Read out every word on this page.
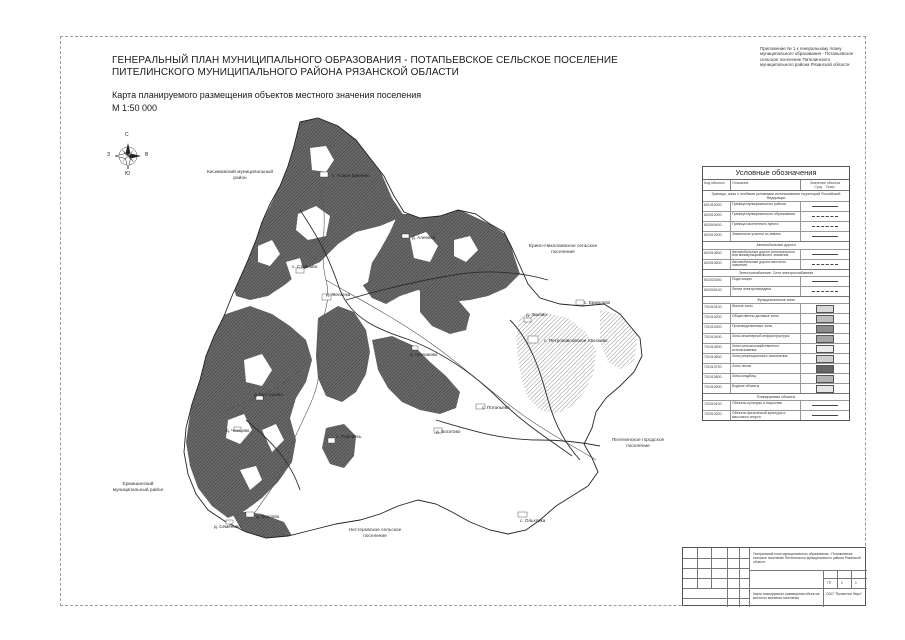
ГЕНЕРАЛЬНЫЙ ПЛАН МУНИЦИПАЛЬНОГО ОБРАЗОВАНИЯ - ПОТАПЬЕВСКОЕ СЕЛЬСКОЕ ПОСЕЛЕНИЕ
ПИТЕЛИНСКОГО МУНИЦИПАЛЬНОГО РАЙОНА РЯЗАНСКОЙ ОБЛАСТИ
Карта планируемого размещения объектов местного значения поселения
М 1:50 000
Приложение № 1 к генеральному плану муниципального образования - Потапьевское сельское поселение Пителинского муниципального района Рязанской области
с. Новое Дивеево
д. Алеевка
с. Стваново
д. Желанка
д. Пустошево
с. Потапьево
д. Богатово
с. Перевесь
д. Ченцово
с. Петропавловское Хвосково
с. Ермолово
д. Зыково
с. Ольховка
д. Хохлово
д. Семёново
д. Кипчаково
С
Ю
З	В
Касимовский муниципальный район
Ермишинский муниципальный район
Пителинское городское поселение
Нестеровское сельское поселение
Ерино-Николаевское сельское поселение
Условные обозначения
Код объекта	Описание	Значение объекта
Сущ. План.
Границы, зоны с особыми условиями использования территорий Российской Федерации
601010000	Граница муниципального района
602010000	Граница муниципального образования
602040400	Граница населенного пункта
602010000	Земельные участки из земель
Автомобильные дороги
602010600	Автомобильные дороги регионального или межмуниципального значения
602010600	Автомобильные дороги местного значения
Электроснабжение. Сети электроснабжения
602020400	Подстанции
602030100	Линии электропередачи
Функциональные зоны
701010100	Жилые зоны
701010200	Общественно-деловые зоны
701010300	Производственные зоны
701010400	Зоны инженерной инфраструктуры
701010500	Зоны сельскохозяйственного использования
701010600	Зоны рекреационного назначения
701010700	Зоны лесов
701010800	Зоны кладбищ
701010900	Водные объекты
Планируемые объекты
702010100	Объекты культуры и искусства
702010200	Объекты физической культуры и массового спорта
Генеральный план муниципального образования - Потапьевское сельское поселение Пителинского муниципального района Рязанской области
Карта планируемого размещения объектов местного значения поселения
ООО "Проектное бюро"
ГП	1	1
